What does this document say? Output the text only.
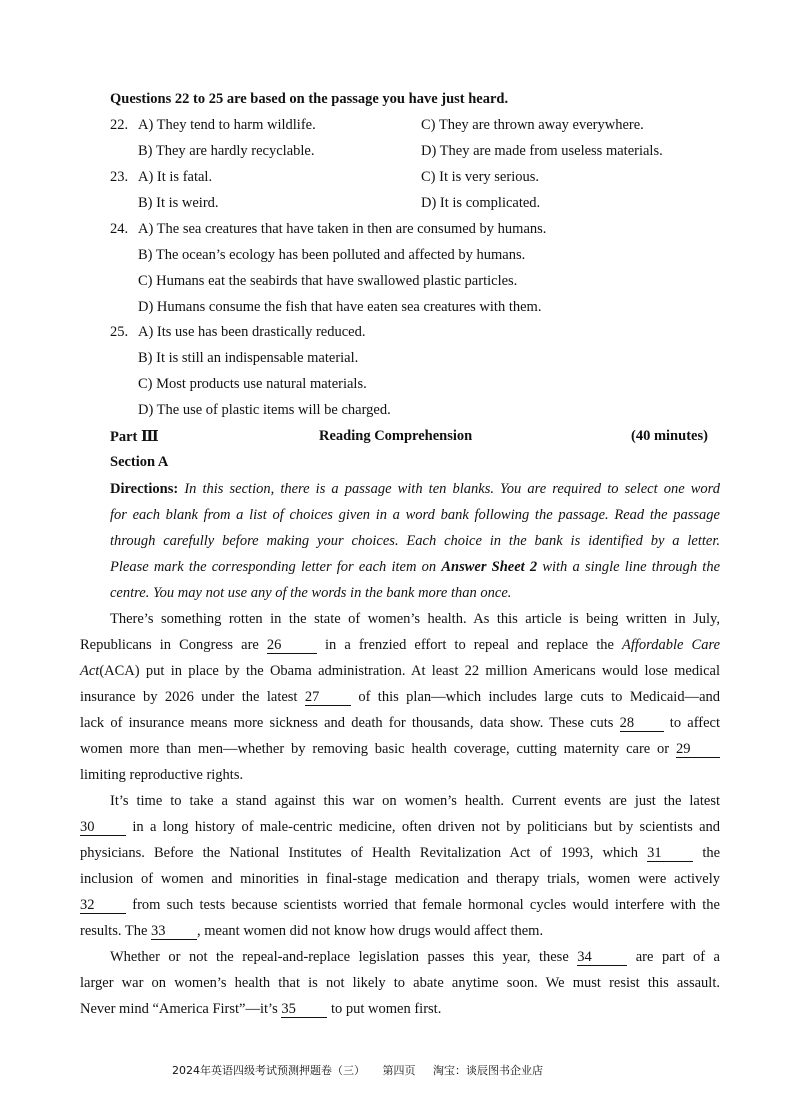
Questions 22 to 25 are based on the passage you have just heard.
22. A) They tend to harm wildlife.	C) They are thrown away everywhere.
B) They are hardly recyclable.	D) They are made from useless materials.
23. A) It is fatal.	C) It is very serious.
B) It is weird.	D) It is complicated.
24. A) The sea creatures that have taken in then are consumed by humans.
B) The ocean’s ecology has been polluted and affected by humans.
C) Humans eat the seabirds that have swallowed plastic particles.
D) Humans consume the fish that have eaten sea creatures with them.
25. A) Its use has been drastically reduced.
B) It is still an indispensable material.
C) Most products use natural materials.
D) The use of plastic items will be charged.
Part Ⅲ	Reading Comprehension	(40 minutes)
Section A
Directions: In this section, there is a passage with ten blanks. You are required to select one word
for each blank from a list of choices given in a word bank following the passage. Read the passage
through carefully before making your choices. Each choice in the bank is identified by a letter.
Please mark the corresponding letter for each item on Answer Sheet 2 with a single line through the
centre. You may not use any of the words in the bank more than once.
There’s something rotten in the state of women’s health. As this article is being written in July,
Republicans in Congress are 26	in a frenzied effort to repeal and replace the Affordable Care
Act(ACA) put in place by the Obama administration. At least 22 million Americans would lose medical
insurance by 2026 under the latest 27	of this plan—which includes large cuts to Medicaid—and
lack of insurance means more sickness and death for thousands, data show. These cuts 28 to affect
women more than men—whether by removing basic health coverage, cutting maternity care or 29
limiting reproductive rights.
It’s time to take a stand against this war on women’s health. Current events are just the latest
30	in a long history of male-centric medicine, often driven not by politicians but by scientists and
physicians. Before the National Institutes of Health Revitalization Act of 1993, which 31	the
inclusion of women and minorities in final-stage medication and therapy trials, women were actively
32	from such tests because scientists worried that female hormonal cycles would interfere with the
results. The 33 , meant women did not know how drugs would affect them.
Whether or not the repeal-and-replace legislation passes this year, these 34	are part of a
larger war on women’s health that is not likely to abate anytime soon. We must resist this assault.
Never mind “America First”—it’s 35 to put women first.
2024年英语四级考试预测押题卷（三） 第四页 淘宝：谈辰图书企业店
